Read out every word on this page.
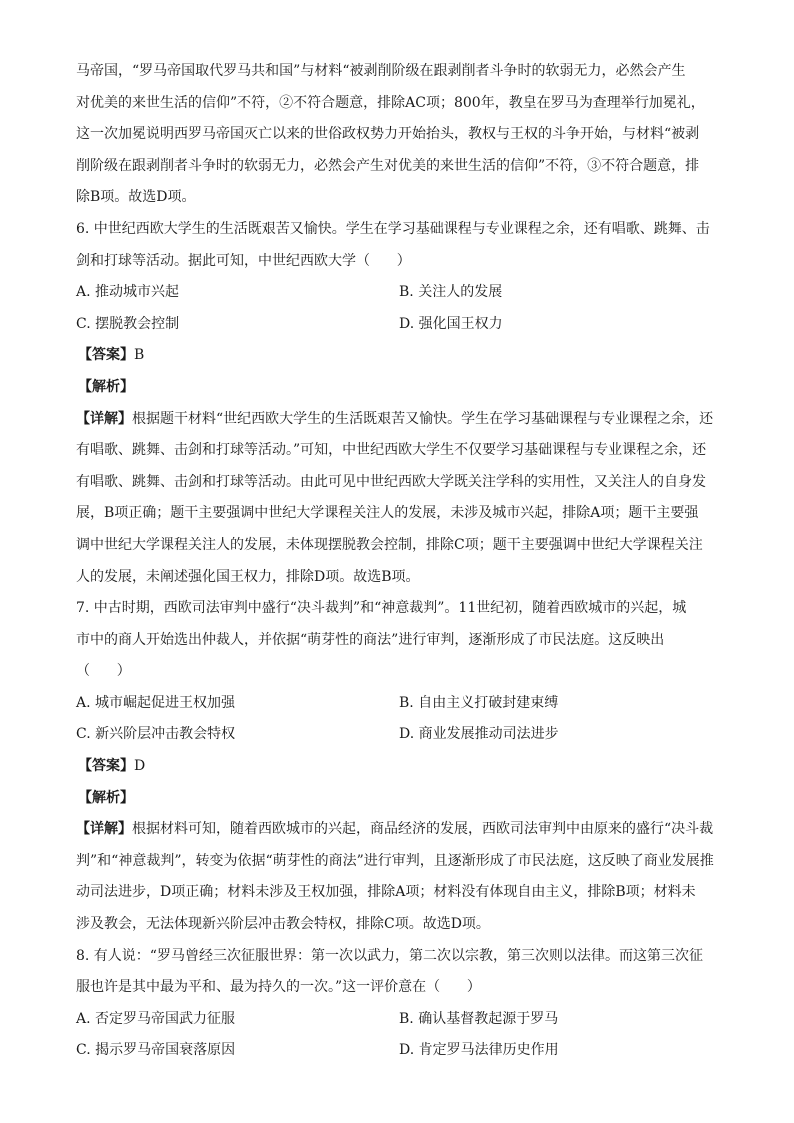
马帝国，“罗马帝国取代罗马共和国”与材料“被剥削阶级在跟剥削者斗争时的软弱无力，必然会产生

对优美的来世生活的信仰”不符，②不符合题意，排除AC项；800年，教皇在罗马为查理举行加冕礼，

这一次加冕说明西罗马帝国灭亡以来的世俗政权势力开始抬头，教权与王权的斗争开始，与材料“被剥

削阶级在跟剥削者斗争时的软弱无力，必然会产生对优美的来世生活的信仰”不符，③不符合题意，排

除B项。故选D项。

6. 中世纪西欧大学生的生活既艰苦又愉快。学生在学习基础课程与专业课程之余，还有唱歌、跳舞、击

剑和打球等活动。据此可知，中世纪西欧大学（      ）

A. 推动城市兴起	B. 关注人的发展
C. 摆脱教会控制	D. 强化国王权力

【答案】B

【解析】

【详解】根据题干材料“世纪西欧大学生的生活既艰苦又愉快。学生在学习基础课程与专业课程之余，还

有唱歌、跳舞、击剑和打球等活动。”可知，中世纪西欧大学生不仅要学习基础课程与专业课程之余，还

有唱歌、跳舞、击剑和打球等活动。由此可见中世纪西欧大学既关注学科的实用性，又关注人的自身发

展，B项正确；题干主要强调中世纪大学课程关注人的发展，未涉及城市兴起，排除A项；题干主要强

调中世纪大学课程关注人的发展，未体现摆脱教会控制，排除C项；题干主要强调中世纪大学课程关注

人的发展，未阐述强化国王权力，排除D项。故选B项。

7. 中古时期，西欧司法审判中盛行“决斗裁判”和“神意裁判”。11世纪初，随着西欧城市的兴起，城

市中的商人开始选出仲裁人，并依据“萌芽性的商法”进行审判，逐渐形成了市民法庭。这反映出

（      ）

A. 城市崛起促进王权加强	B. 自由主义打破封建束缚
C. 新兴阶层冲击教会特权	D. 商业发展推动司法进步

【答案】D

【解析】

【详解】根据材料可知，随着西欧城市的兴起，商品经济的发展，西欧司法审判中由原来的盛行“决斗裁

判”和“神意裁判”，转变为依据“萌芽性的商法”进行审判，且逐渐形成了市民法庭，这反映了商业发展推

动司法进步，D项正确；材料未涉及王权加强，排除A项；材料没有体现自由主义，排除B项；材料未

涉及教会，无法体现新兴阶层冲击教会特权，排除C项。故选D项。

8. 有人说：“罗马曾经三次征服世界：第一次以武力，第二次以宗教，第三次则以法律。而这第三次征

服也许是其中最为平和、最为持久的一次。”这一评价意在（      ）

A. 否定罗马帝国武力征服	B. 确认基督教起源于罗马
C. 揭示罗马帝国衰落原因	D. 肯定罗马法律历史作用
